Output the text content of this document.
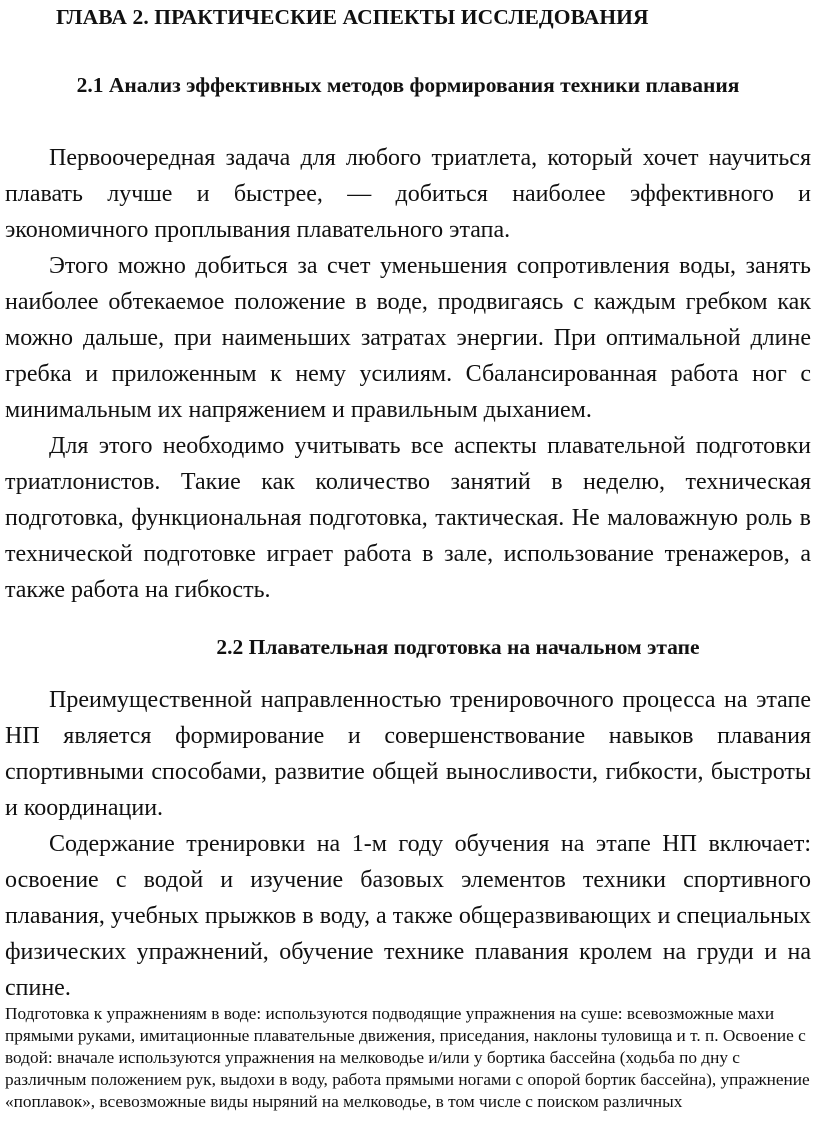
ГЛАВА 2. ПРАКТИЧЕСКИЕ АСПЕКТЫ ИССЛЕДОВАНИЯ
2.1 Анализ эффективных методов формирования техники плавания

Первоочередная задача для любого триатлета, который хочет научиться плавать лучше и быстрее, — добиться наиболее эффективного и экономичного проплывания плавательного этапа.

Этого можно добиться за счет уменьшения сопротивления воды, занять наиболее обтекаемое положение в воде, продвигаясь с каждым гребком как можно дальше, при наименьших затратах энергии. При оптимальной длине гребка и приложенным к нему усилиям. Сбалансированная работа ног с минимальным их напряжением и правильным дыханием.

Для этого необходимо учитывать все аспекты плавательной подготовки триатлонистов. Такие как количество занятий в неделю, техническая подготовка, функциональная подготовка, тактическая. Не маловажную роль в технической подготовке играет работа в зале, использование тренажеров, а также работа на гибкость.

2.2 Плавательная подготовка на начальном этапе

Преимущественной направленностью тренировочного процесса на этапе НП является формирование и совершенствование навыков плавания спортивными способами, развитие общей выносливости, гибкости, быстроты и координации.

Содержание тренировки на 1-м году обучения на этапе НП включает: освоение с водой и изучение базовых элементов техники спортивного плавания, учебных прыжков в воду, а также общеразвивающих и специальных физических упражнений, обучение технике плавания кролем на груди и на спине.

Подготовка к упражнениям в воде: используются подводящие упражнения на суше: всевозможные махи прямыми руками, имитационные плавательные движения, приседания, наклоны туловища и т. п. Освоение с водой: вначале используются упражнения на мелководье и/или у бортика бассейна (ходьба по дну с различным положением рук, выдохи в воду, работа прямыми ногами с опорой бортик бассейна), упражнение «поплавок», всевозможные виды ныряний на мелководье, в том числе с поиском различных
